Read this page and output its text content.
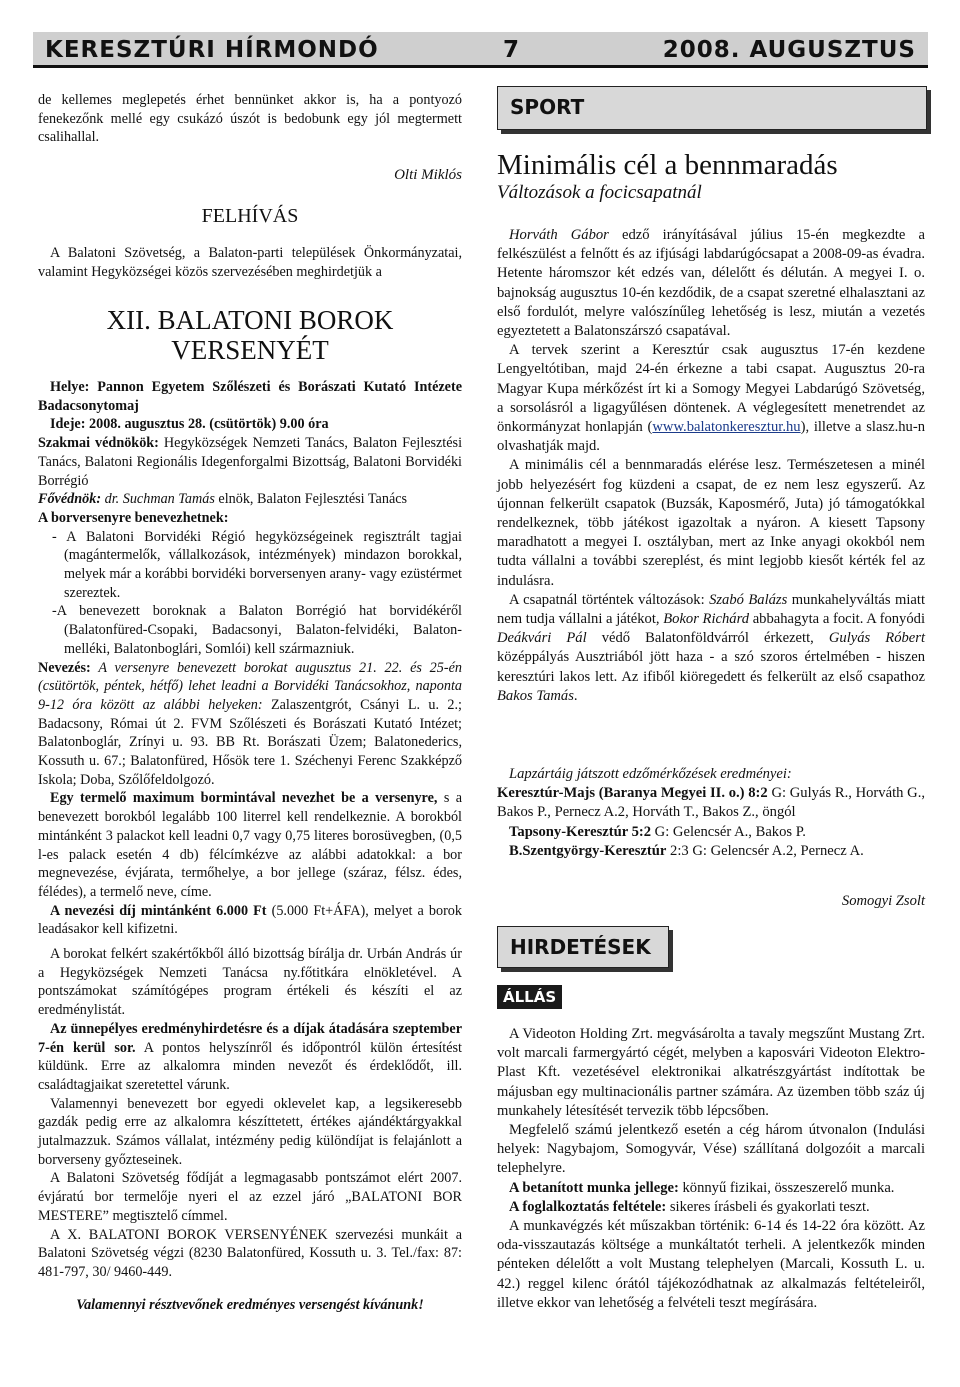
KERESZTÚRI HÍRMONDÓ	7	2008. AUGUSZTUS

de kellemes meglepetés érhet bennünket akkor is, ha a pontyozó fenekezőnk mellé egy csukázó úszót is bedobunk egy jól megtermett csalihallal.

Olti Miklós

FELHÍVÁS

A Balatoni Szövetség, a Balaton-parti települések Önkormányzatai, valamint Hegyközségei közös szervezésében meghirdetjük a

XII. BALATONI BOROK

VERSENYÉT

Helye: Pannon Egyetem Szőlészeti és Borászati Kutató Intézete Badacsonytomaj

Ideje: 2008. augusztus 28. (csütörtök) 9.00 óra

Szakmai védnökök: Hegyközségek Nemzeti Tanács, Balaton Fejlesztési Tanács, Balatoni Regionális Idegenforgalmi Bizottság, Balatoni Borvidéki Borrégió

Fővédnök: dr. Suchman Tamás elnök, Balaton Fejlesztési Tanács

A borversenyre benevezhetnek:

- A Balatoni Borvidéki Régió hegyközségeinek regisztrált tagjai (magántermelők, vállalkozások, intézmények) mindazon borokkal, melyek már a korábbi borvidéki borversenyen arany- vagy ezüstérmet szereztek.

-A benevezett boroknak a Balaton Borrégió hat borvidékéről (Balatonfüred-Csopaki, Badacsonyi, Balaton-felvidéki, Balaton-melléki, Balatonboglári, Somlói) kell származniuk.

Nevezés: A versenyre benevezett borokat augusztus 21. 22. és 25-én (csütörtök, péntek, hétfő) lehet leadni a Borvidéki Tanácsokhoz, naponta 9-12 óra között az alábbi helyeken: Zalaszentgrót, Csányi L. u. 2.; Badacsony, Római út 2. FVM Szőlészeti és Borászati Kutató Intézet; Balatonboglár, Zrínyi u. 93. BB Rt. Borászati Üzem; Balatonederics, Kossuth u. 67.; Balatonfüred, Hősök tere 1. Széchenyi Ferenc Szakképző Iskola; Doba, Szőlőfeldolgozó.

Egy termelő maximum bormintával nevezhet be a versenyre, s a benevezett borokból legalább 100 literrel kell rendelkeznie. A borokból mintánként 3 palackot kell leadni 0,7 vagy 0,75 literes borosüvegben, (0,5 l-es palack esetén 4 db) félcímkézve az alábbi adatokkal: a bor megnevezése, évjárata, termőhelye, a bor jellege (száraz, félsz. édes, félédes), a termelő neve, címe.

A nevezési díj mintánként 6.000 Ft (5.000 Ft+ÁFA), melyet a borok leadásakor kell kifizetni.

A borokat felkért szakértőkből álló bizottság bírálja dr. Urbán András úr a Hegyközségek Nemzeti Tanácsa ny.főtitkára elnökletével. A pontszámokat számítógépes program értékeli és készíti el az eredménylistát.

Az ünnepélyes eredményhirdetésre és a díjak átadására szeptember 7-én kerül sor. A pontos helyszínről és időpontról külön értesítést küldünk. Erre az alkalomra minden nevezőt és érdeklődőt, ill. családtagjaikat szeretettel várunk.

Valamennyi benevezett bor egyedi oklevelet kap, a legsikeresebb gazdák pedig erre az alkalomra készíttetett, értékes ajándéktárgyakkal jutalmazzuk. Számos vállalat, intézmény pedig különdíjat is felajánlott a borverseny győzteseinek.

A Balatoni Szövetség fődíját a legmagasabb pontszámot elért 2007. évjáratú bor termelője nyeri el az ezzel járó „BALATONI BOR MESTERE” megtisztelő címmel.

A X. BALATONI BOROK VERSENYÉNEK szervezési munkáit a Balatoni Szövetség végzi (8230 Balatonfüred, Kossuth u. 3. Tel./fax: 87: 481-797, 30/ 9460-449.

Valamennyi résztvevőnek eredményes versengést kívánunk!

SPORT

Minimális cél a bennmaradás

Változások a focicsapatnál

Horváth Gábor edző irányításával július 15-én megkezdte a felkészülést a felnőtt és az ifjúsági labdarúgócsapat a 2008-09-as évadra. Hetente háromszor két edzés van, délelőtt és délután. A megyei I. o. bajnokság augusztus 10-én kezdődik, de a csapat szeretné elhalasztani az első fordulót, melyre valószínűleg lehetőség is lesz, miután a vezetés egyeztetett a Balatonszárszó csapatával.

A tervek szerint a Keresztúr csak augusztus 17-én kezdene Lengyeltótiban, majd 24-én érkezne a tabi csapat. Augusztus 20-ra Magyar Kupa mérkőzést írt ki a Somogy Megyei Labdarúgó Szövetség, a sorsolásról a ligagyűlésen döntenek. A véglegesített menetrendet az önkormányzat honlapján (www.balatonkeresztur.hu), illetve a slasz.hu-n olvashatják majd.

A minimális cél a bennmaradás elérése lesz. Természetesen a minél jobb helyezésért fog küzdeni a csapat, de ez nem lesz egyszerű. Az újonnan felkerült csapatok (Buzsák, Kaposmérő, Juta) jó támogatókkal rendelkeznek, több játékost igazoltak a nyáron. A kiesett Tapsony maradhatott a megyei I. osztályban, mert az Inke anyagi okokból nem tudta vállalni a további szereplést, és mint legjobb kiesőt kérték fel az indulásra.

A csapatnál történtek változások: Szabó Balázs munkahelyváltás miatt nem tudja vállalni a játékot, Bokor Richárd abbahagyta a focit. A fonyódi Deákvári Pál védő Balatonföldvárról érkezett, Gulyás Róbert középpályás Ausztriából jött haza - a szó szoros értelmében - hiszen keresztúri lakos lett. Az ifiből kiöregedett és felkerült az első csapathoz Bakos Tamás.

Lapzártáig játszott edzőmérkőzések eredményei:

Keresztúr-Majs (Baranya Megyei II. o.) 8:2 G: Gulyás R., Horváth G., Bakos P., Pernecz A.2, Horváth T., Bakos Z., öngól

Tapsony-Keresztúr 5:2 G: Gelencsér A., Bakos P.

B.Szentgyörgy-Keresztúr 2:3 G: Gelencsér A.2, Pernecz A.

Somogyi Zsolt

HIRDETÉSEK
ÁLLÁS

A Videoton Holding Zrt. megvásárolta a tavaly megszűnt Mustang Zrt. volt marcali farmergyártó cégét, melyben a kaposvári Videoton Elektro-Plast Kft. vezetésével elektronikai alkatrészgyártást indítottak be májusban egy multinacionális partner számára. Az üzemben több száz új munkahely létesítését tervezik több lépcsőben.

Megfelelő számú jelentkező esetén a cég három útvonalon (Indulási helyek: Nagybajom, Somogyvár, Vése) szállítaná dolgozóit a marcali telephelyre.

A betanított munka jellege: könnyű fizikai, összeszerelő munka.

A foglalkoztatás feltétele: sikeres írásbeli és gyakorlati teszt.

A munkavégzés két műszakban történik: 6-14 és 14-22 óra között. Az oda-visszautazás költsége a munkáltatót terheli. A jelentkezők minden pénteken délelőtt a volt Mustang telephelyen (Marcali, Kossuth L. u. 42.) reggel kilenc órától tájékozódhatnak az alkalmazás feltételeiről, illetve ekkor van lehetőség a felvételi teszt megírására.
